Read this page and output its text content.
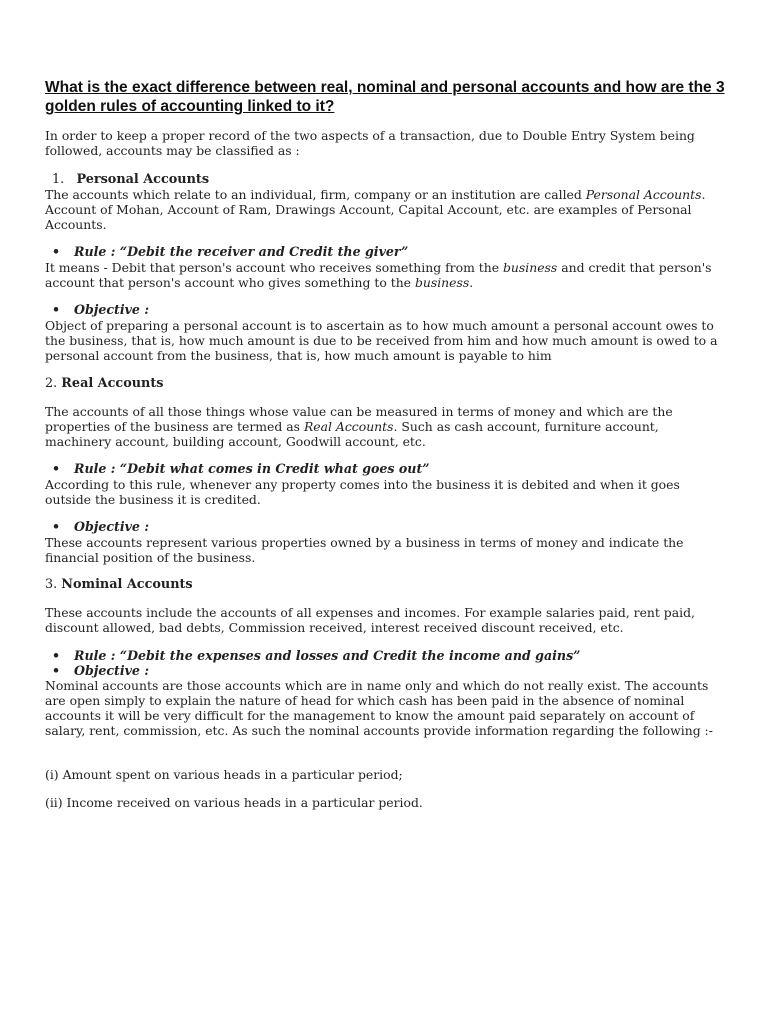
What is the exact difference between real, nominal and personal accounts and how are the 3 golden rules of accounting linked to it?

In order to keep a proper record of the two aspects of a transaction, due to Double Entry System being followed, accounts may be classified as :

1. Personal Accounts

The accounts which relate to an individual, firm, company or an institution are called Personal Accounts. Account of Mohan, Account of Ram, Drawings Account, Capital Account, etc. are examples of Personal Accounts.

• Rule : “Debit the receiver and Credit the giver”

It means - Debit that person's account who receives something from the business and credit that person's account that person's account who gives something to the business.

• Objective :

Object of preparing a personal account is to ascertain as to how much amount a personal account owes to the business, that is, how much amount is due to be received from him and how much amount is owed to a personal account from the business, that is, how much amount is payable to him

2. Real Accounts

The accounts of all those things whose value can be measured in terms of money and which are the properties of the business are termed as Real Accounts. Such as cash account, furniture account, machinery account, building account, Goodwill account, etc.

• Rule : “Debit what comes in Credit what goes out”

According to this rule, whenever any property comes into the business it is debited and when it goes outside the business it is credited.

• Objective :

These accounts represent various properties owned by a business in terms of money and indicate the financial position of the business.

3. Nominal Accounts

These accounts include the accounts of all expenses and incomes. For example salaries paid, rent paid, discount allowed, bad debts, Commission received, interest received discount received, etc.

• Rule : “Debit the expenses and losses and Credit the income and gains”

• Objective :

Nominal accounts are those accounts which are in name only and which do not really exist. The accounts are open simply to explain the nature of head for which cash has been paid in the absence of nominal accounts it will be very difficult for the management to know the amount paid separately on account of salary, rent, commission, etc. As such the nominal accounts provide information regarding the following :-

(i) Amount spent on various heads in a particular period;

(ii) Income received on various heads in a particular period.
